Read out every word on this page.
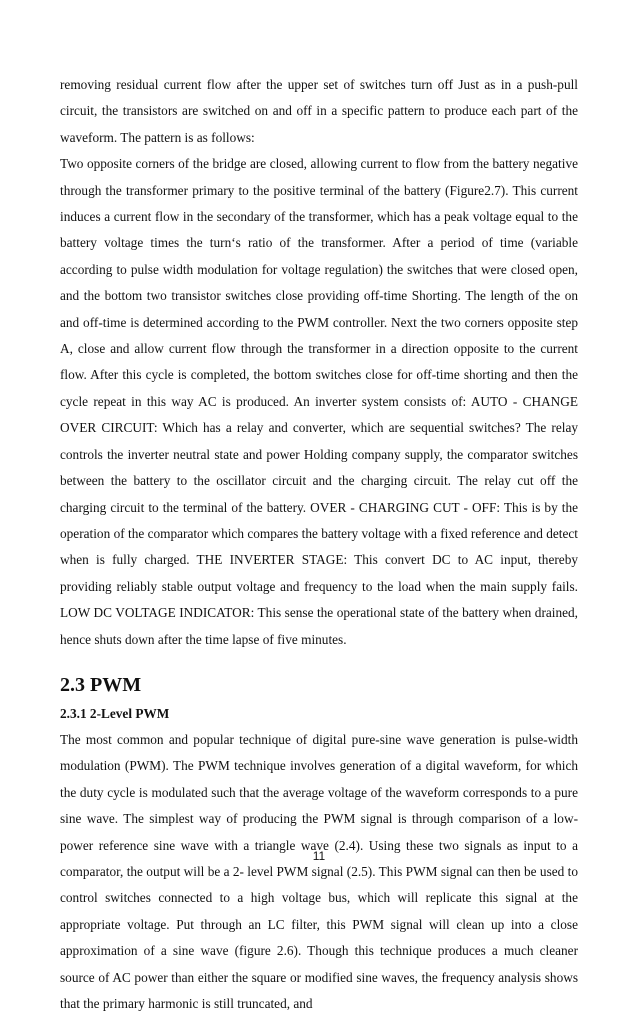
removing residual current flow after the upper set of switches turn off Just as in a push-pull circuit, the transistors are switched on and off in a specific pattern to produce each part of the waveform. The pattern is as follows:

Two opposite corners of the bridge are closed, allowing current to flow from the battery negative through the transformer primary to the positive terminal of the battery (Figure2.7). This current induces a current flow in the secondary of the transformer, which has a peak voltage equal to the battery voltage times the turn‘s ratio of the transformer. After a period of time (variable according to pulse width modulation for voltage regulation) the switches that were closed open, and the bottom two transistor switches close providing off-time Shorting. The length of the on and off-time is determined according to the PWM controller. Next the two corners opposite step A, close and allow current flow through the transformer in a direction opposite to the current flow. After this cycle is completed, the bottom switches close for off-time shorting and then the cycle repeat in this way AC is produced. An inverter system consists of: AUTO - CHANGE OVER CIRCUIT: Which has a relay and converter, which are sequential switches? The relay controls the inverter neutral state and power Holding company supply, the comparator switches between the battery to the oscillator circuit and the charging circuit. The relay cut off the charging circuit to the terminal of the battery. OVER - CHARGING CUT - OFF: This is by the operation of the comparator which compares the battery voltage with a fixed reference and detect when is fully charged. THE INVERTER STAGE: This convert DC to AC input, thereby providing reliably stable output voltage and frequency to the load when the main supply fails. LOW DC VOLTAGE INDICATOR: This sense the operational state of the battery when drained, hence shuts down after the time lapse of five minutes.

2.3 PWM
2.3.1 2-Level PWM

The most common and popular technique of digital pure-sine wave generation is pulse-width modulation (PWM). The PWM technique involves generation of a digital waveform, for which the duty cycle is modulated such that the average voltage of the waveform corresponds to a pure sine wave. The simplest way of producing the PWM signal is through comparison of a low-power reference sine wave with a triangle wave (2.4). Using these two signals as input to a comparator, the output will be a 2- level PWM signal (2.5). This PWM signal can then be used to control switches connected to a high voltage bus, which will replicate this signal at the appropriate voltage. Put through an LC filter, this PWM signal will clean up into a close approximation of a sine wave (figure 2.6). Though this technique produces a much cleaner source of AC power than either the square or modified sine waves, the frequency analysis shows that the primary harmonic is still truncated, and

11
